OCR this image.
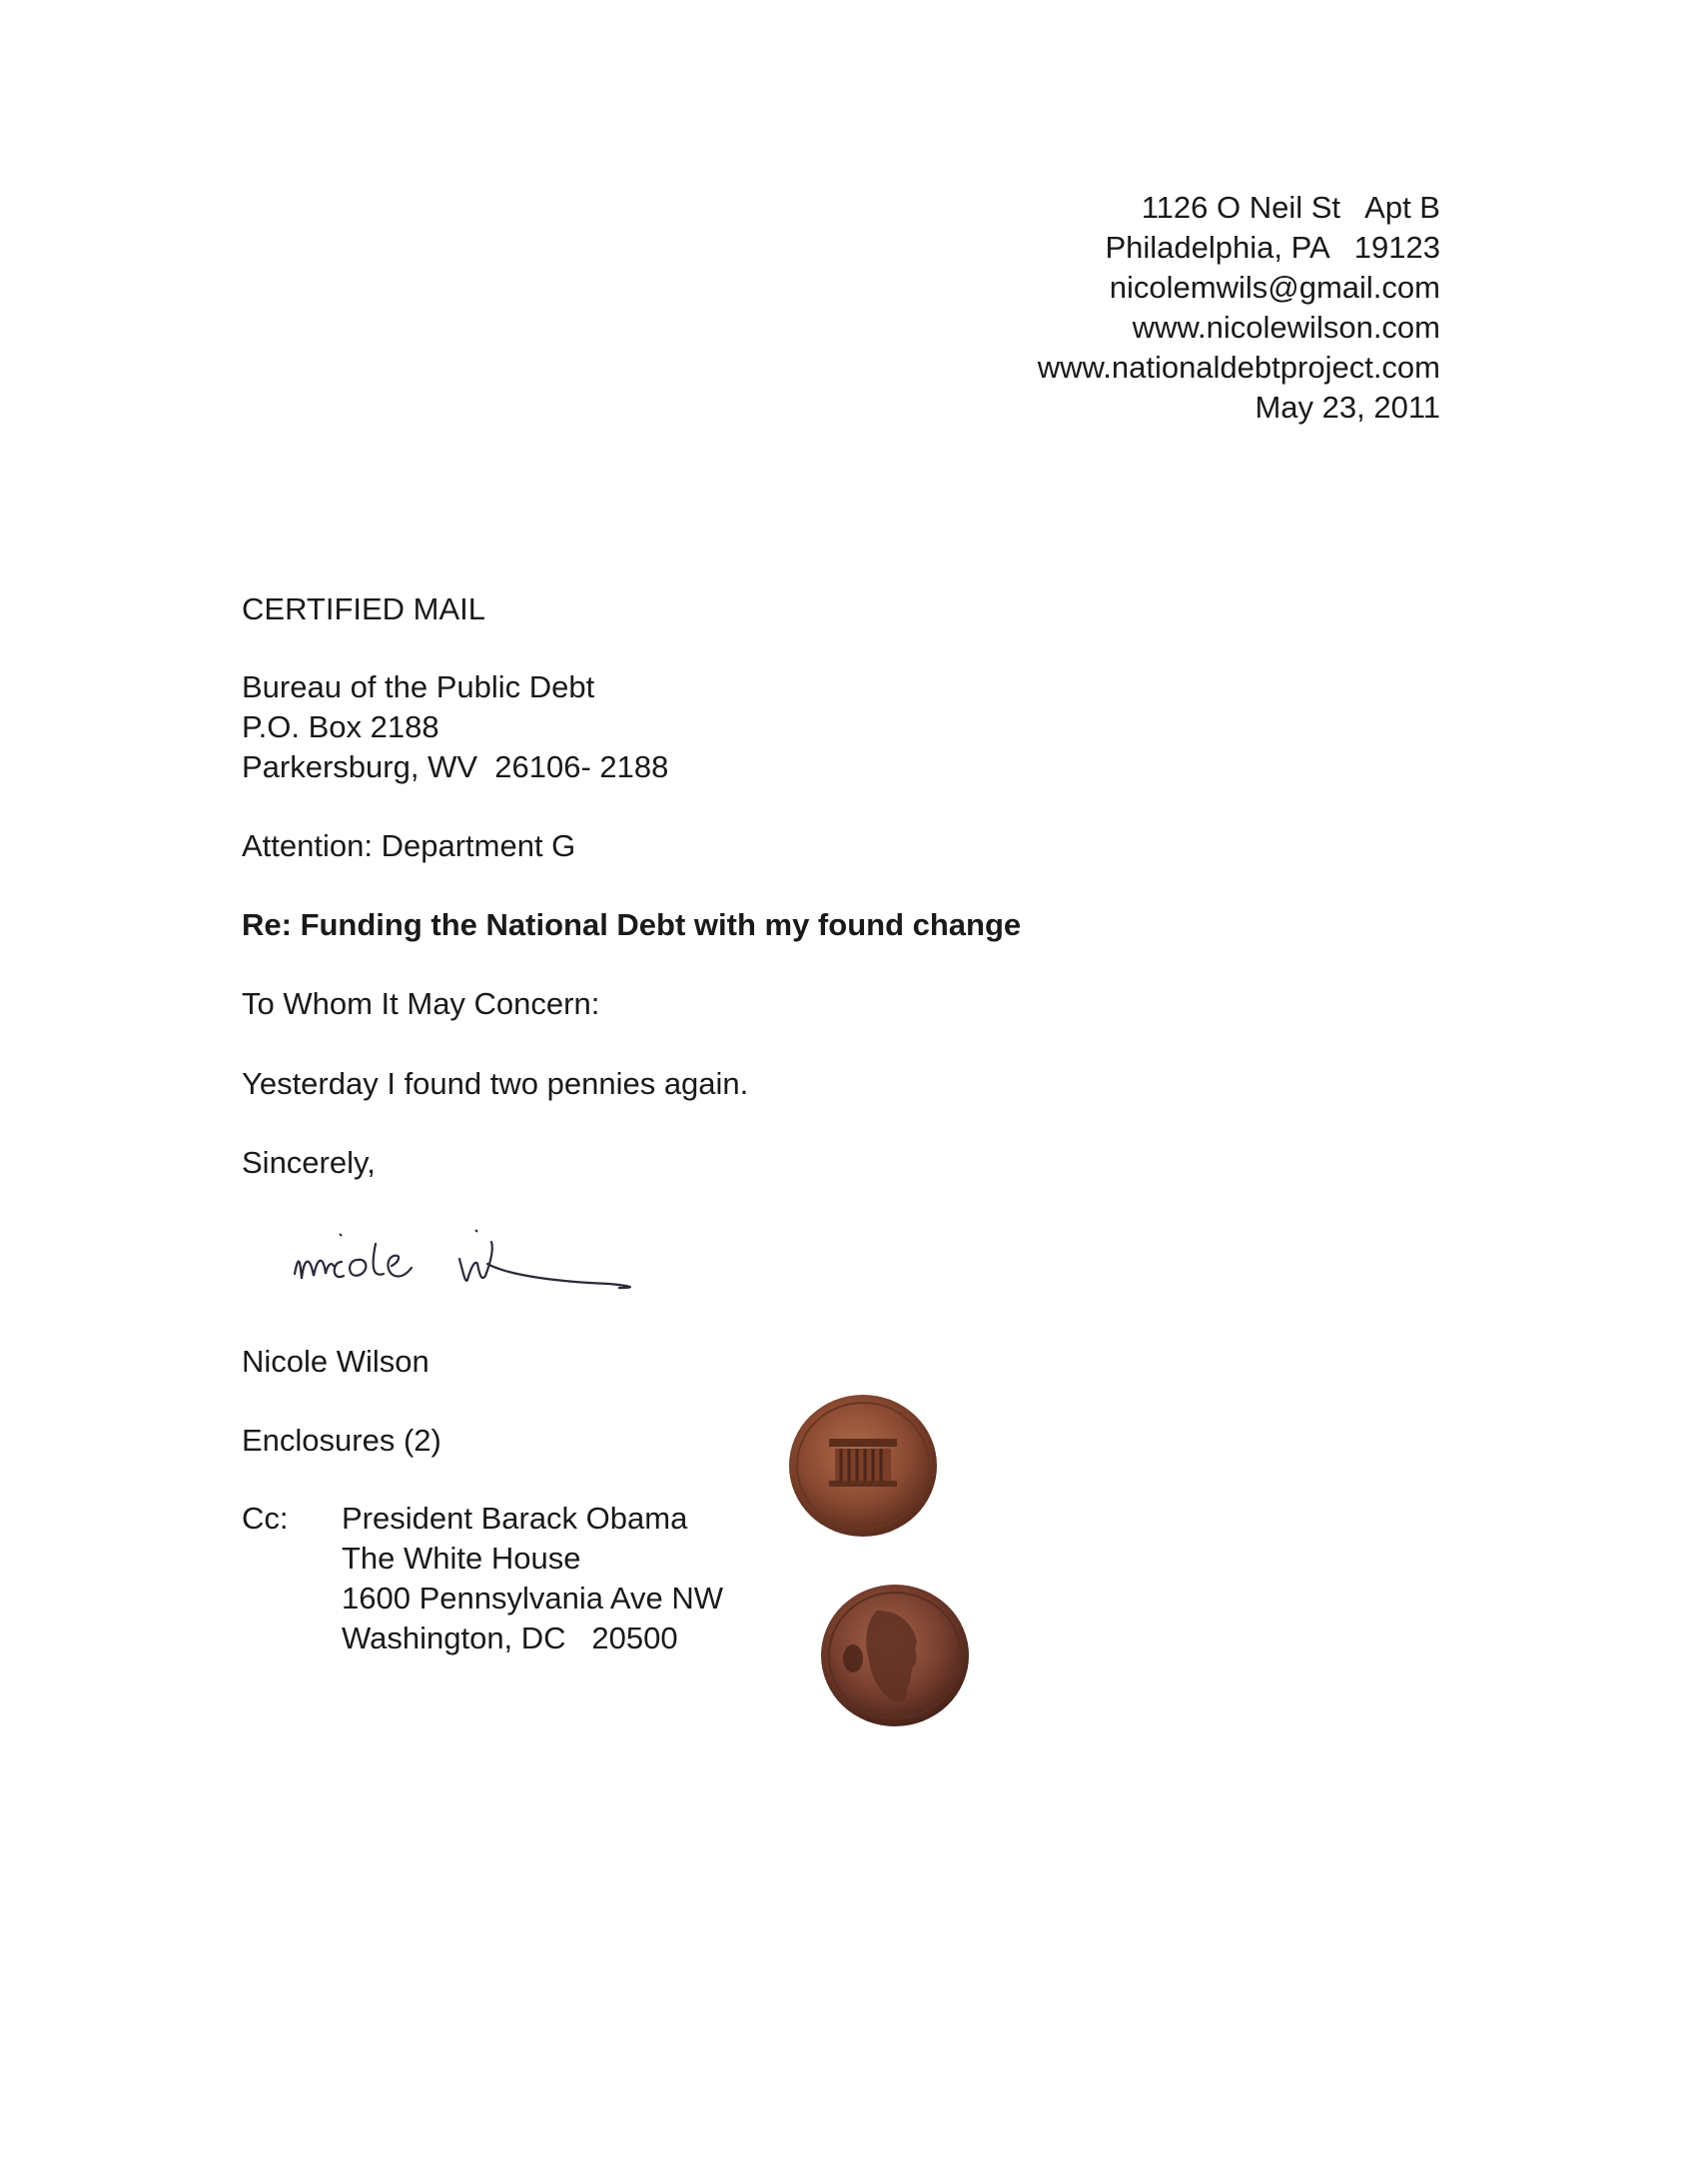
1126 O Neil St   Apt B
Philadelphia, PA   19123
nicolemwils@gmail.com
www.nicolewilson.com
www.nationaldebtproject.com
May 23, 2011
CERTIFIED MAIL
Bureau of the Public Debt
P.O. Box 2188
Parkersburg, WV  26106- 2188
Attention: Department G
Re: Funding the National Debt with my found change
To Whom It May Concern:
Yesterday I found two pennies again.
Sincerely,
Nicole Wilson
Enclosures (2)
Cc: President Barack Obama
The White House
1600 Pennsylvania Ave NW
Washington, DC   20500
